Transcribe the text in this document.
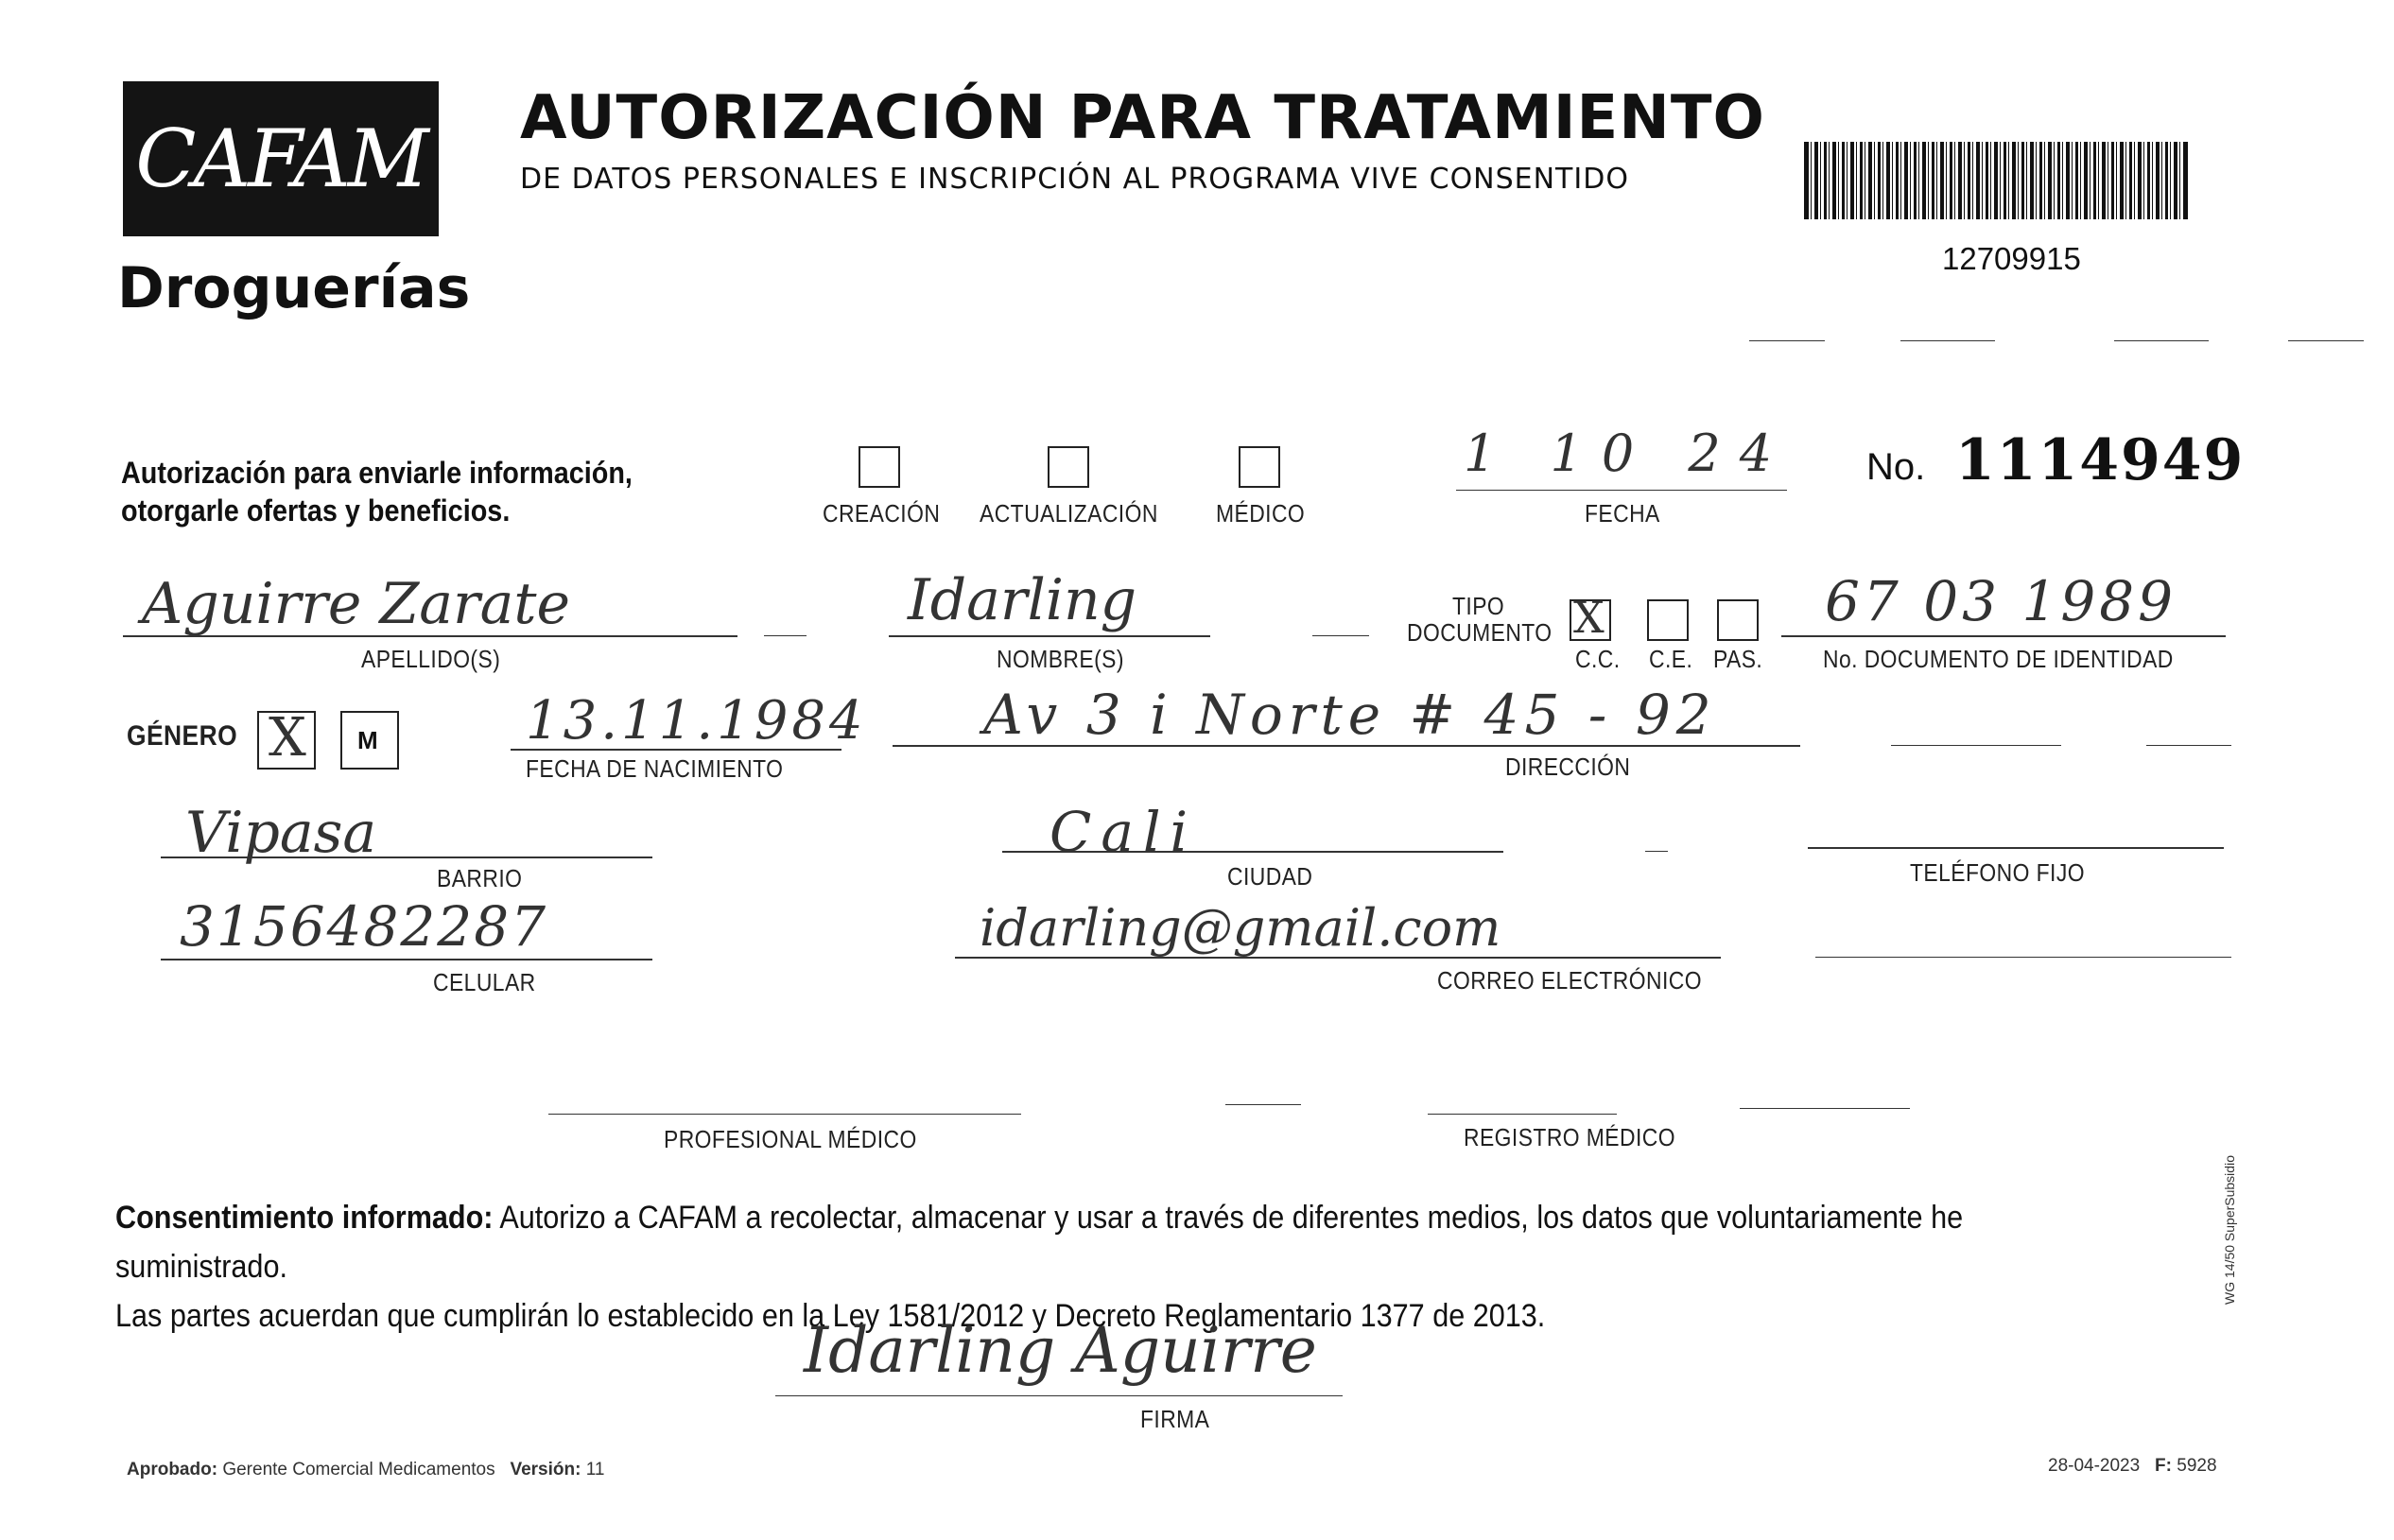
CAFAM
Droguerías
AUTORIZACIÓN PARA TRATAMIENTO
DE DATOS PERSONALES E INSCRIPCIÓN AL PROGRAMA VIVE CONSENTIDO
12709915
Autorización para enviarle información,
otorgarle ofertas y beneficios.	CREACIÓN ACTUALIZACIÓN MÉDICO
1 10 24
FECHA
No. 1114949
Aguirre Zarate
APELLIDO(S)
Idarling
NOMBRE(S)
TIPO
DOCUMENTO X
C.C. C.E. PAS.
67 03 1989
No. DOCUMENTO DE IDENTIDAD
GÉNERO X M	13.11.1984
FECHA DE NACIMIENTO
Av 3 i Norte # 45 - 92
DIRECCIÓN
Vipasa
BARRIO
Cali
CIUDAD	TELÉFONO FIJO
3156482287
CELULAR
idarling@gmail.com
CORREO ELECTRÓNICO
PROFESIONAL MÉDICO	REGISTRO MÉDICO
Consentimiento informado: Autorizo a CAFAM a recolectar, almacenar y usar a través de diferentes medios, los datos que voluntariamente he suministrado.
Las partes acuerdan que cumplirán lo establecido en la Ley 1581/2012 y Decreto Reglamentario 1377 de 2013.
Idarling Aguirre
FIRMA
Aprobado: Gerente Comercial Medicamentos Versión: 11	28-04-2023 F: 5928
WG 14/50 SuperSubsidio
